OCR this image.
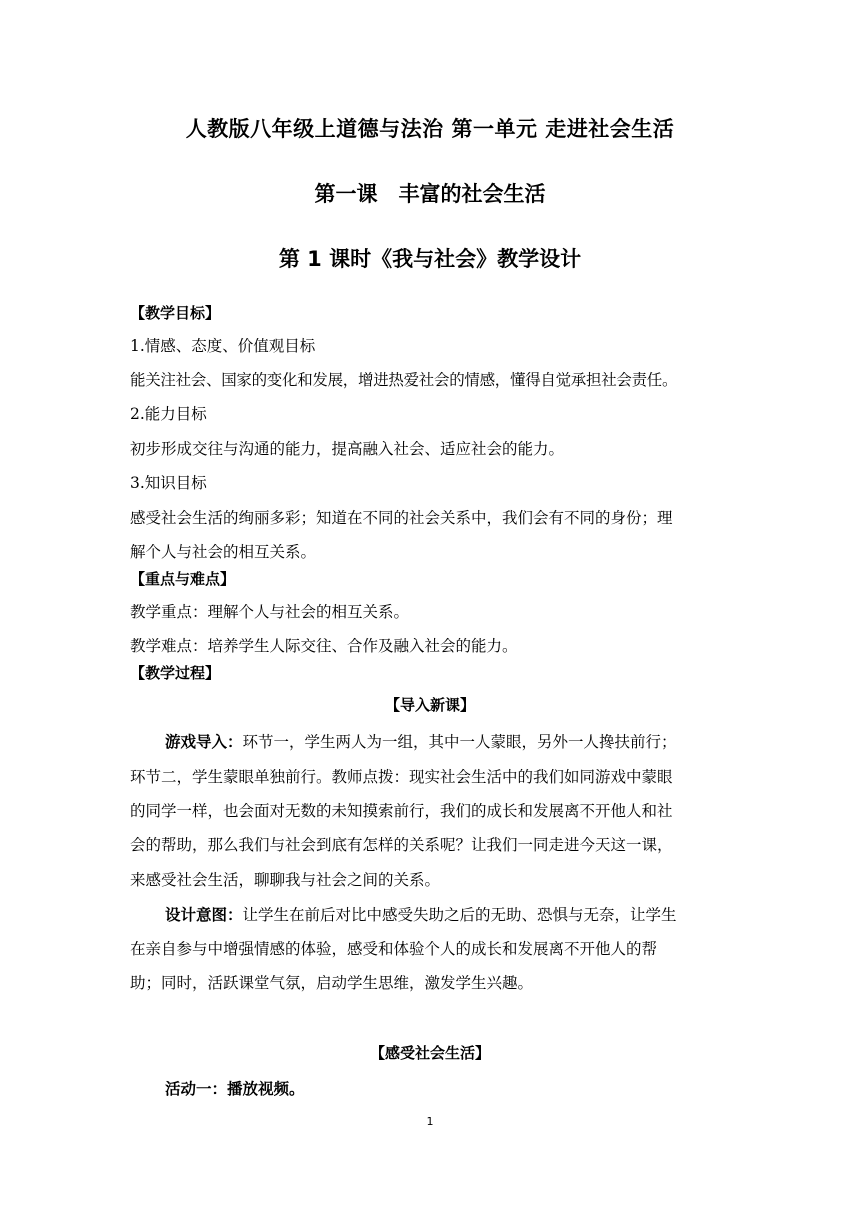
人教版八年级上道德与法治 第一单元 走进社会生活
第一课　丰富的社会生活
第 1 课时《我与社会》教学设计
【教学目标】
1.情感、态度、价值观目标
能关注社会、国家的变化和发展，增进热爱社会的情感，懂得自觉承担社会责任。
2.能力目标
初步形成交往与沟通的能力，提高融入社会、适应社会的能力。
3.知识目标
感受社会生活的绚丽多彩；知道在不同的社会关系中，我们会有不同的身份；理
解个人与社会的相互关系。
【重点与难点】
教学重点：理解个人与社会的相互关系。
教学难点：培养学生人际交往、合作及融入社会的能力。
【教学过程】
【导入新课】
游戏导入：环节一，学生两人为一组，其中一人蒙眼，另外一人搀扶前行；
环节二，学生蒙眼单独前行。教师点拨：现实社会生活中的我们如同游戏中蒙眼
的同学一样，也会面对无数的未知摸索前行，我们的成长和发展离不开他人和社
会的帮助，那么我们与社会到底有怎样的关系呢？让我们一同走进今天这一课，
来感受社会生活，聊聊我与社会之间的关系。
设计意图：让学生在前后对比中感受失助之后的无助、恐惧与无奈，让学生
在亲自参与中增强情感的体验，感受和体验个人的成长和发展离不开他人的帮
助；同时，活跃课堂气氛，启动学生思维，激发学生兴趣。
【感受社会生活】
活动一：播放视频。
1
